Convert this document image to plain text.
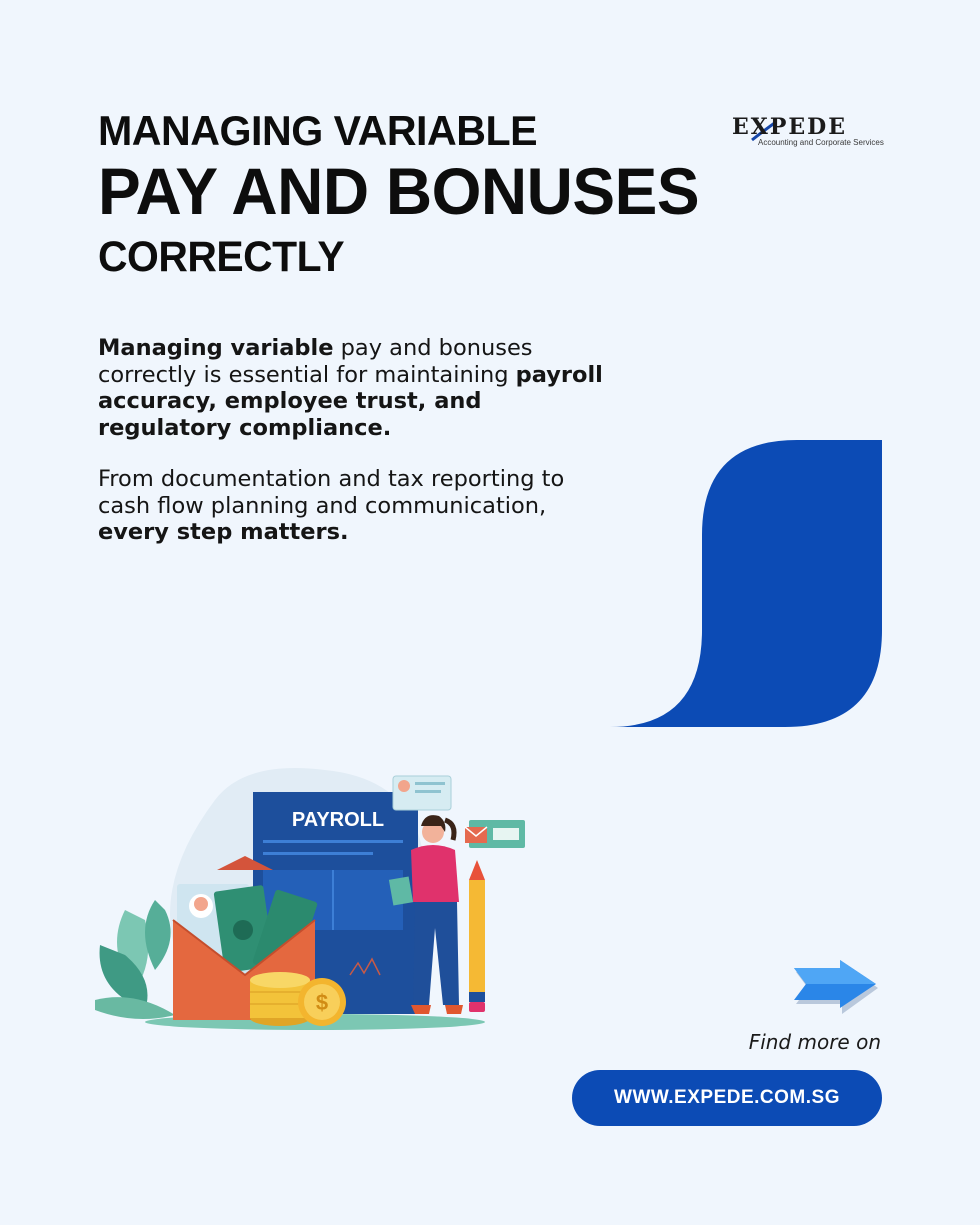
MANAGING VARIABLE
PAY AND BONUSES
CORRECTLY
EXPEDE
Accounting and Corporate Services
Managing variable pay and bonuses correctly is essential for maintaining payroll accuracy, employee trust, and regulatory compliance.
From documentation and tax reporting to cash flow planning and communication, every step matters.
PAYROLL
$
Find more on
WWW.EXPEDE.COM.SG
